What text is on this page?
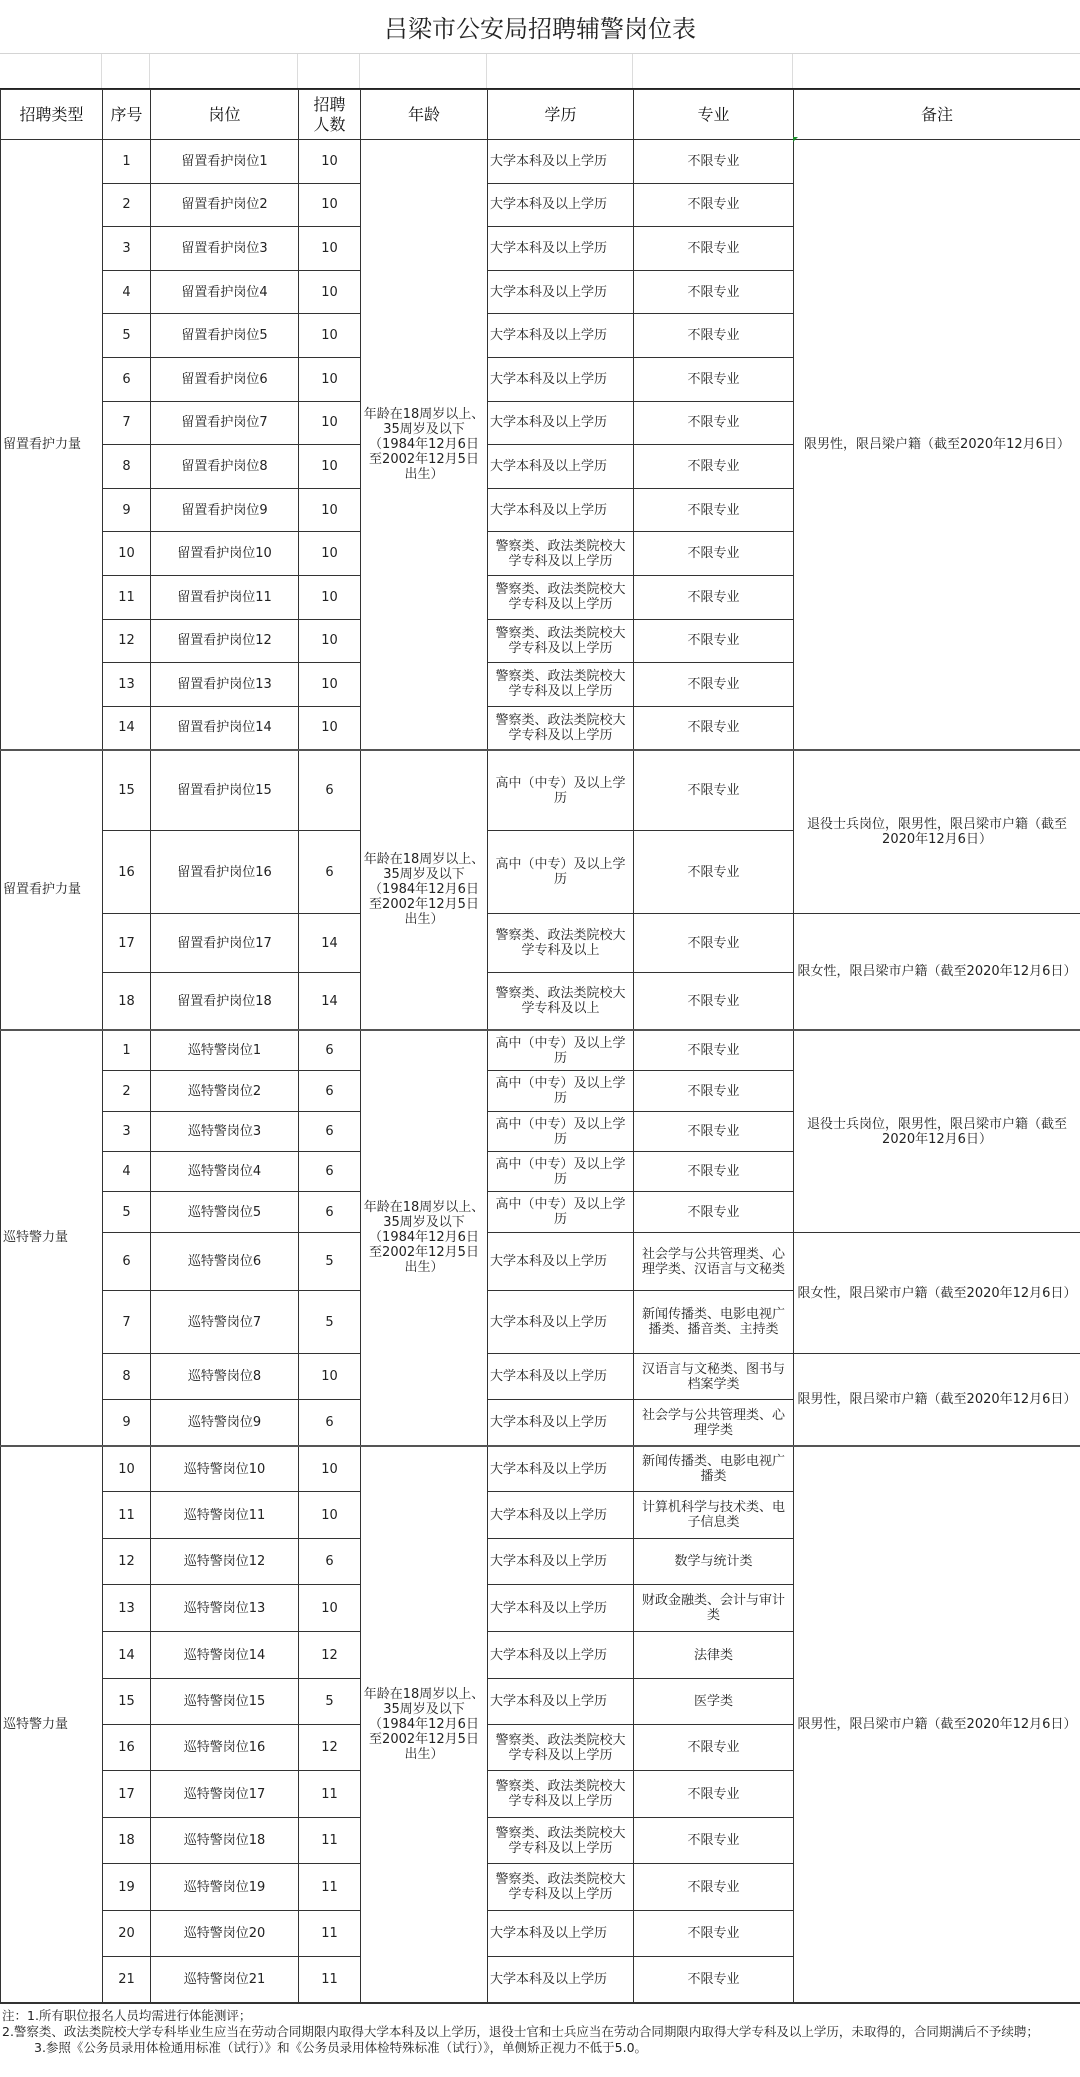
吕梁市公安局招聘辅警岗位表
招聘类型	序号	岗位	招聘人数	年龄	学历	专业	备注
留置看护力量	1	留置看护岗位1	10	年龄在18周岁以上、35周岁及以下（1984年12月6日至2002年12月5日出生）	大学本科及以上学历	不限专业	限男性，限吕梁户籍（截至2020年12月6日）
	2	留置看护岗位2	10		大学本科及以上学历	不限专业	
	3	留置看护岗位3	10		大学本科及以上学历	不限专业	
	4	留置看护岗位4	10		大学本科及以上学历	不限专业	
	5	留置看护岗位5	10		大学本科及以上学历	不限专业	
	6	留置看护岗位6	10		大学本科及以上学历	不限专业	
	7	留置看护岗位7	10		大学本科及以上学历	不限专业	
	8	留置看护岗位8	10		大学本科及以上学历	不限专业	
	9	留置看护岗位9	10		大学本科及以上学历	不限专业	
	10	留置看护岗位10	10		警察类、政法类院校大学专科及以上学历	不限专业	
	11	留置看护岗位11	10		警察类、政法类院校大学专科及以上学历	不限专业	
	12	留置看护岗位12	10		警察类、政法类院校大学专科及以上学历	不限专业	
	13	留置看护岗位13	10		警察类、政法类院校大学专科及以上学历	不限专业	
	14	留置看护岗位14	10		警察类、政法类院校大学专科及以上学历	不限专业	
留置看护力量	15	留置看护岗位15	6	年龄在18周岁以上、35周岁及以下（1984年12月6日至2002年12月5日出生）	高中（中专）及以上学历	不限专业	退役士兵岗位，限男性，限吕梁市户籍（截至2020年12月6日）
	16	留置看护岗位16	6		高中（中专）及以上学历	不限专业	
	17	留置看护岗位17	14		警察类、政法类院校大学专科及以上	不限专业	限女性，限吕梁市户籍（截至2020年12月6日）
	18	留置看护岗位18	14		警察类、政法类院校大学专科及以上	不限专业	
巡特警力量	1	巡特警岗位1	6	年龄在18周岁以上、35周岁及以下（1984年12月6日至2002年12月5日出生）	高中（中专）及以上学历	不限专业	退役士兵岗位，限男性，限吕梁市户籍（截至2020年12月6日）
	2	巡特警岗位2	6		高中（中专）及以上学历	不限专业	
	3	巡特警岗位3	6		高中（中专）及以上学历	不限专业	
	4	巡特警岗位4	6		高中（中专）及以上学历	不限专业	
	5	巡特警岗位5	6		高中（中专）及以上学历	不限专业	
	6	巡特警岗位6	5		大学本科及以上学历	社会学与公共管理类、心理学类、汉语言与文秘类	限女性，限吕梁市户籍（截至2020年12月6日）
	7	巡特警岗位7	5		大学本科及以上学历	新闻传播类、电影电视广播类、播音类、主持类	
	8	巡特警岗位8	10		大学本科及以上学历	汉语言与文秘类、图书与档案学类	限男性，限吕梁市户籍（截至2020年12月6日）
	9	巡特警岗位9	6		大学本科及以上学历	社会学与公共管理类、心理学类	
巡特警力量	10	巡特警岗位10	10	年龄在18周岁以上、35周岁及以下（1984年12月6日至2002年12月5日出生）	大学本科及以上学历	新闻传播类、电影电视广播类	限男性，限吕梁市户籍（截至2020年12月6日）
	11	巡特警岗位11	10		大学本科及以上学历	计算机科学与技术类、电子信息类	
	12	巡特警岗位12	6		大学本科及以上学历	数学与统计类	
	13	巡特警岗位13	10		大学本科及以上学历	财政金融类、会计与审计类	
	14	巡特警岗位14	12		大学本科及以上学历	法律类	
	15	巡特警岗位15	5		大学本科及以上学历	医学类	
	16	巡特警岗位16	12		警察类、政法类院校大学专科及以上学历	不限专业	
	17	巡特警岗位17	11		警察类、政法类院校大学专科及以上学历	不限专业	
	18	巡特警岗位18	11		警察类、政法类院校大学专科及以上学历	不限专业	
	19	巡特警岗位19	11		警察类、政法类院校大学专科及以上学历	不限专业	
	20	巡特警岗位20	11		大学本科及以上学历	不限专业	
	21	巡特警岗位21	11		大学本科及以上学历	不限专业	
注：1.所有职位报名人员均需进行体能测评；
2.警察类、政法类院校大学专科毕业生应当在劳动合同期限内取得大学本科及以上学历，退役士官和士兵应当在劳动合同期限内取得大学专科及以上学历，未取得的，合同期满后不予续聘；
3.参照《公务员录用体检通用标准（试行）》和《公务员录用体检特殊标准（试行）》，单侧矫正视力不低于5.0。
